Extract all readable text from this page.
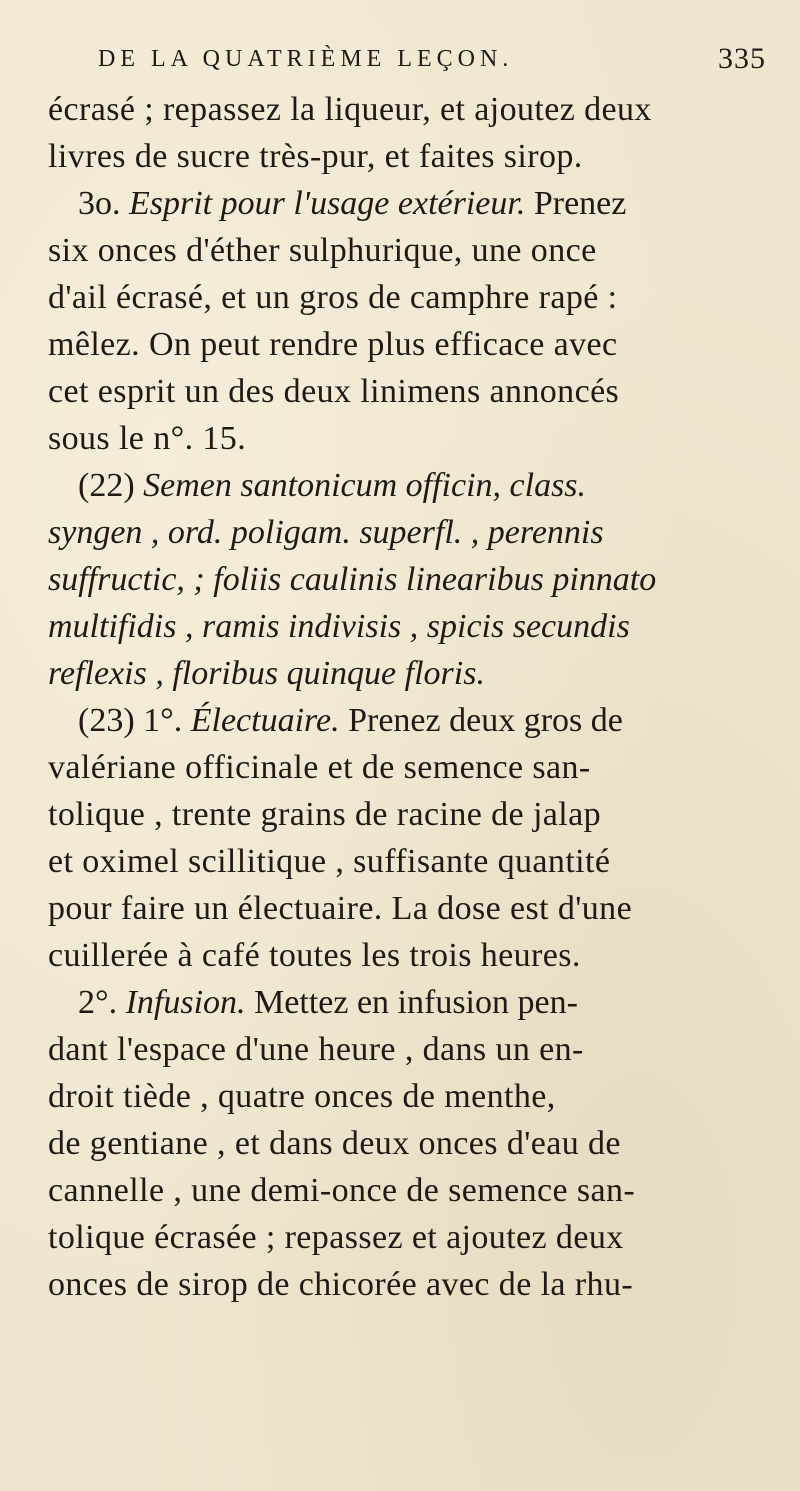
DE LA QUATRIÈME LEÇON.	335
écrasé ; repassez la liqueur, et ajoutez deux
livres de sucre très-pur, et faites sirop.
3o. Esprit pour l'usage extérieur. Prenez
six onces d'éther sulphurique, une once
d'ail écrasé, et un gros de camphre rapé :
mêlez. On peut rendre plus efficace avec
cet esprit un des deux linimens annoncés
sous le n°. 15.
(22) Semen santonicum officin, class.
syngen , ord. poligam. superfl. , perennis
suffructic, ; foliis caulinis linearibus pinnato
multifidis , ramis indivisis , spicis secundis
reflexis , floribus quinque floris.
(23) 1°. Électuaire. Prenez deux gros de
valériane officinale et de semence san-
tolique , trente grains de racine de jalap
et oximel scillitique , suffisante quantité
pour faire un électuaire. La dose est d'une
cuillerée à café toutes les trois heures.
2°. Infusion. Mettez en infusion pen-
dant l'espace d'une heure , dans un en-
droit tiède , quatre onces de menthe,
de gentiane , et dans deux onces d'eau de
cannelle , une demi-once de semence san-
tolique écrasée ; repassez et ajoutez deux
onces de sirop de chicorée avec de la rhu-
